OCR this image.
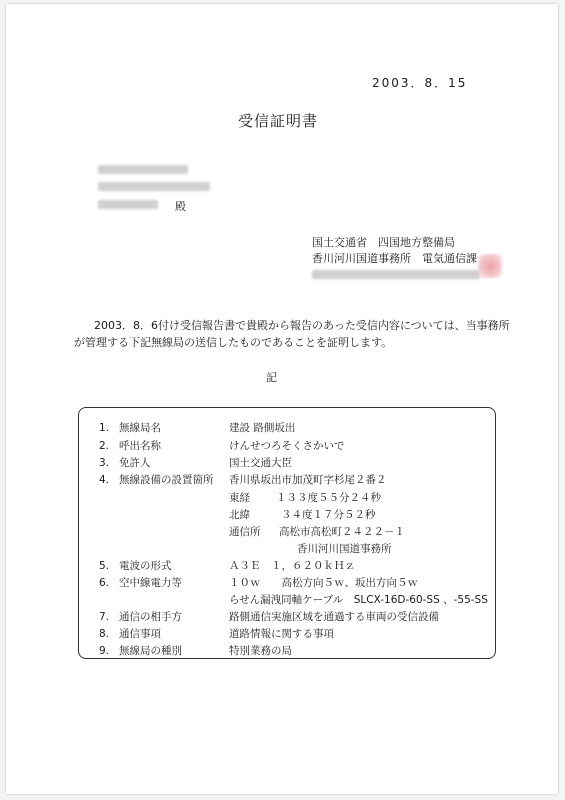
2003．8．15
受信証明書
殿
国土交通省　四国地方整備局
香川河川国道事務所　電気通信課
2003．8．6付け受信報告書で貴殿から報告のあった受信内容については、当事務所が管理する下記無線局の送信したものであることを証明します。
記
1. 無線局名	建設 路側坂出
2. 呼出名称	けんせつろそくさかいで
3. 免許人	国土交通大臣
4. 無線設備の設置箇所 香川県坂出市加茂町字杉尾２番２
東経 １３３度５５分２４秒
北緯	３４度１７分５２秒
通信所 高松市高松町２４２２－１
香川河川国道事務所
5. 電波の形式	Ａ３Ｅ　１，６２０ｋＨｚ
6. 空中線電力等	１０ｗ　　高松方向５ｗ、坂出方向５ｗ
らせん漏洩同軸ケーブル　SLCX-16D-60-SS 、-55-SS
7. 通信の相手方	路側通信実施区域を通過する車両の受信設備
8. 通信事項	道路情報に関する事項
9. 無線局の種別	特別業務の局
